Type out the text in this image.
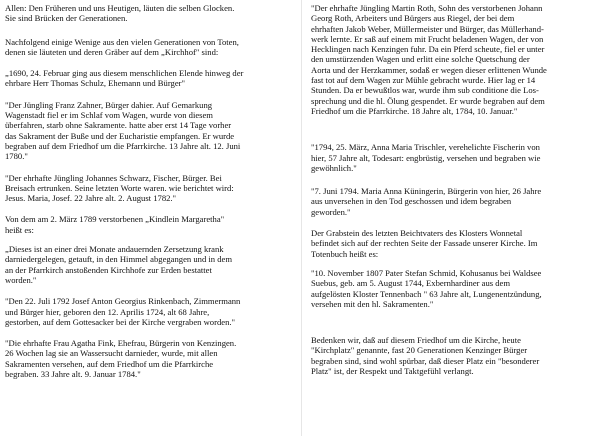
Allen: Den Früheren und uns Heutigen, läuten die selben Glocken.
Sie sind Brücken der Generationen.

Nachfolgend einige Wenige aus den vielen Generationen von Toten,
denen sie läuteten und deren Gräber auf dem „Kirchhof" sind:

„1690, 24. Februar ging aus diesem menschlichen Elende hinweg der
ehrbare Herr Thomas Schulz, Ehemann und Bürger"

"Der Jüngling Franz Zahner, Bürger dahier. Auf Gemarkung
Wagenstadt fiel er im Schlaf vom Wagen, wurde von diesem
überfahren, starb ohne Sakramente. hatte aber erst 14 Tage vorher
das Sakrament der Buße und der Eucharistie empfangen. Er wurde
begraben auf dem Friedhof um die Pfarrkirche. 13 Jahre alt. 12. Juni
1780."

"Der ehrhafte Jüngling Johannes Schwarz, Fischer, Bürger. Bei
Breisach ertrunken. Seine letzten Worte waren. wie berichtet wird:
Jesus. Maria, Josef. 22 Jahre alt. 2. August 1782."

Von dem am 2. März 1789 verstorbenen „Kindlein Margaretha"
heißt es:

„Dieses ist an einer drei Monate andauernden Zersetzung krank
darniedergelegen, getauft, in den Himmel abgegangen und in dem
an der Pfarrkirch anstoßenden Kirchhofe zur Erden bestattet
worden."

"Den 22. Juli 1792 Josef Anton Georgius Rinkenbach, Zimmermann
und Bürger hier, geboren den 12. Aprilis 1724, alt 68 Jahre,
gestorben, auf dem Gottesacker bei der Kirche vergraben worden."

"Die ehrhafte Frau Agatha Fink, Ehefrau, Bürgerin von Kenzingen.
26 Wochen lag sie an Wassersucht darnieder, wurde, mit allen
Sakramenten versehen, auf dem Friedhof um die Pfarrkirche
begraben. 33 Jahre alt. 9. Januar 1784."

"Der ehrhafte Jüngling Martin Roth, Sohn des verstorbenen Johann
Georg Roth, Arbeiters und Bürgers aus Riegel, der bei dem
ehrhaften Jakob Weber, Müllermeister und Bürger, das Müllerhand-
werk lernte. Er saß auf einem mit Frucht beladenen Wagen, der von
Hecklingen nach Kenzingen fuhr. Da ein Pferd scheute, fiel er unter
den umstürzenden Wagen und erlitt eine solche Quetschung der
Aorta und der Herzkammer, sodaß er wegen dieser erlittenen Wunde
fast tot auf dem Wagen zur Mühle gebracht wurde. Hier lag er 14
Stunden. Da er bewußtlos war, wurde ihm sub conditione die Los-
sprechung und die hl. Ölung gespendet. Er wurde begraben auf dem
Friedhof um die Pfarrkirche. 18 Jahre alt, 1784, 10. Januar."

"1794, 25. März, Anna Maria Trischler, verehelichte Fischerin von
hier, 57 Jahre alt, Todesart: engbrüstig, versehen und begraben wie
gewöhnlich."

"7. Juni 1794. Maria Anna Küningerin, Bürgerin von hier, 26 Jahre
aus unversehen in den Tod geschossen und idem begraben
geworden."

Der Grabstein des letzten Beichtvaters des Klosters Wonnetal
befindet sich auf der rechten Seite der Fassade unserer Kirche. Im
Totenbuch heißt es:

"10. November 1807 Pater Stefan Schmid, Kohusanus bei Waldsee
Suebus, geb. am 5. August 1744, Exbernhardiner aus dem
aufgelösten Kloster Tennenbach " 63 Jahre alt, Lungenentzündung,
versehen mit den hl. Sakramenten."

Bedenken wir, daß auf diesem Friedhof um die Kirche, heute
"Kirchplatz" genannte, fast 20 Generationen Kenzinger Bürger
begraben sind, sind wohl spürbar, daß dieser Platz ein "besonderer
Platz" ist, der Respekt und Taktgefühl verlangt.
